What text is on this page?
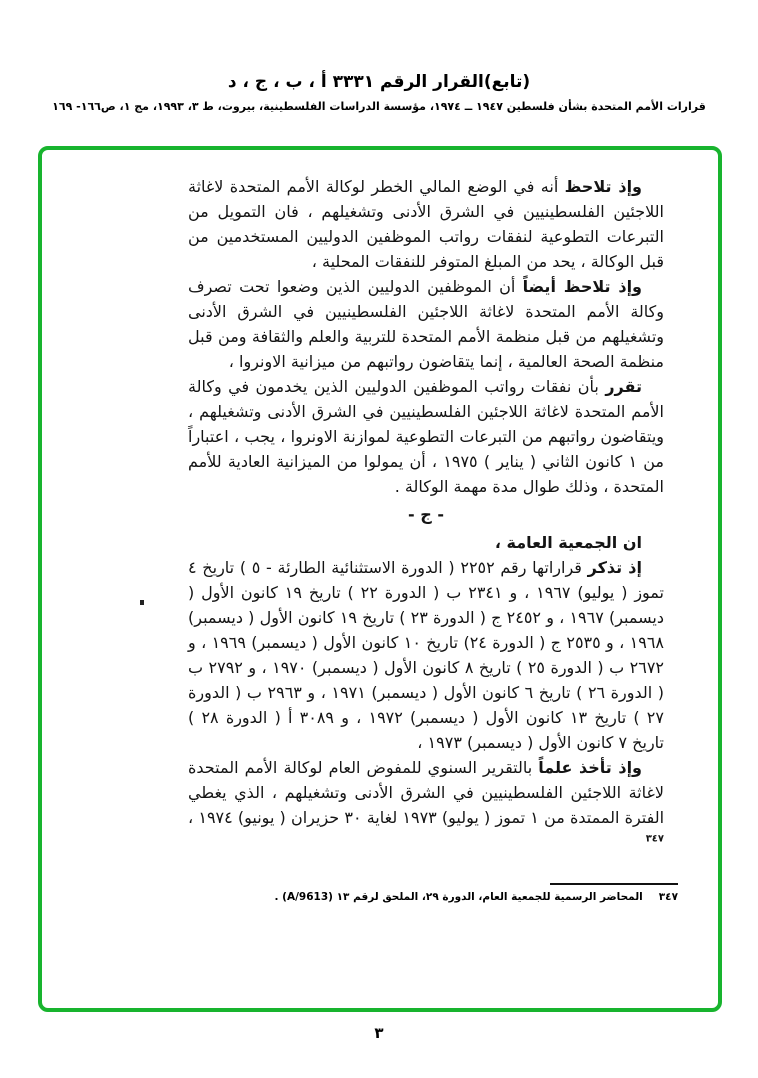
(تابع)القرار الرقم ٣٣٣١ أ ، ب ، ج ، د
قرارات الأمم المتحدة بشأن فلسطين ١٩٤٧ ــ ١٩٧٤، مؤسسة الدراسات الفلسطينية، بيروت، ط ٣، ١٩٩٣، مج ١، ص١٦٦- ١٦٩

وإذ تلاحظ أنه في الوضع المالي الخطر لوكالة الأمم المتحدة لاغاثة اللاجئين الفلسطينيين في الشرق الأدنى وتشغيلهم ، فان التمويل من التبرعات التطوعية لنفقات رواتب الموظفين الدوليين المستخدمين من قبل الوكالة ، يحد من المبلغ المتوفر للنفقات المحلية ،

وإذ تلاحظ أيضاً أن الموظفين الدوليين الذين وضعوا تحت تصرف وكالة الأمم المتحدة لاغاثة اللاجئين الفلسطينيين في الشرق الأدنى وتشغيلهم من قبل منظمة الأمم المتحدة للتربية والعلم والثقافة ومن قبل منظمة الصحة العالمية ، إنما يتقاضون رواتبهم من ميزانية الاونروا ،

تقرر بأن نفقات رواتب الموظفين الدوليين الذين يخدمون في وكالة الأمم المتحدة لاغاثة اللاجئين الفلسطينيين في الشرق الأدنى وتشغيلهم ، ويتقاضون رواتبهم من التبرعات التطوعية لموازنة الاونروا ، يجب ، اعتباراً من ١ كانون الثاني ( يناير ) ١٩٧٥ ، أن يمولوا من الميزانية العادية للأمم المتحدة ، وذلك طوال مدة مهمة الوكالة .

- ج -

ان الجمعية العامة ،

إذ تذكر قراراتها رقم ٢٢٥٢ ( الدورة الاستثنائية الطارئة - ٥ ) تاريخ ٤ تموز ( يوليو) ١٩٦٧ ، و ٢٣٤١ ب ( الدورة ٢٢ ) تاريخ ١٩ كانون الأول ( ديسمبر) ١٩٦٧ ، و ٢٤٥٢ ج ( الدورة ٢٣ ) تاريخ ١٩ كانون الأول ( ديسمبر) ١٩٦٨ ، و ٢٥٣٥ ج ( الدورة ٢٤) تاريخ ١٠ كانون الأول ( ديسمبر) ١٩٦٩ ، و ٢٦٧٢ ب ( الدورة ٢٥ ) تاريخ ٨ كانون الأول ( ديسمبر) ١٩٧٠ ، و ٢٧٩٢ ب ( الدورة ٢٦ ) تاريخ ٦ كانون الأول ( ديسمبر) ١٩٧١ ، و ٢٩٦٣ ب ( الدورة ٢٧ ) تاريخ ١٣ كانون الأول ( ديسمبر) ١٩٧٢ ، و ٣٠٨٩ أ ( الدورة ٢٨ ) تاريخ ٧ كانون الأول ( ديسمبر) ١٩٧٣ ،

وإذ تأخذ علماً بالتقرير السنوي للمفوض العام لوكالة الأمم المتحدة لاغاثة اللاجئين الفلسطينيين في الشرق الأدنى وتشغيلهم ، الذي يغطي الفترة الممتدة من ١ تموز ( يوليو) ١٩٧٣ لغاية ٣٠ حزيران ( يونيو) ١٩٧٤ ، $^{٣٤٧}$

٣٤٧المحاضر الرسمية للجمعية العام، الدورة ٢٩، الملحق لرقم ١٣ (A/9613) .
٣
